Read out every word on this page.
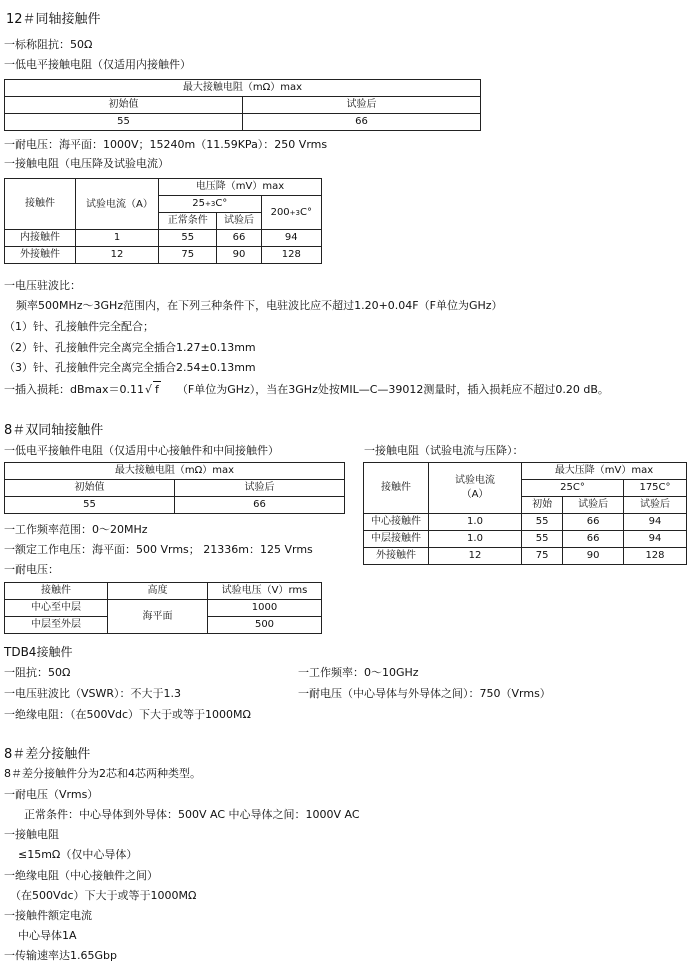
12＃同轴接触件
一标称阻抗：50Ω
一低电平接触电阻（仅适用内接触件）
最大接触电阻（mΩ）max	
初始值	试验后
55	66
一耐电压：海平面：1000V；15240m（11.59KPa）：250 Vrms
一接触电阻（电压降及试验电流）
接触件	试验电流（A）	电压降（mV）max		
		$25^{+3}C^\circ$		$200^{+3}C^\circ$
		正常条件	试验后	
内接触件	1	55	66	94
外接触件	12	75	90	128
一电压驻波比：
频率500MHz～3GHz范围内，在下列三种条件下，电驻波比应不超过1.20+0.04F（F单位为GHz）
（1）针、孔接触件完全配合；
（2）针、孔接触件完全离完全插合1.27±0.13mm
（3）针、孔接触件完全离完全插合2.54±0.13mm
一插入损耗：dBmax＝0.11√ f （F单位为GHz），当在3GHz处按MIL—C—39012测量时，插入损耗应不超过0.20 dB。
8＃双同轴接触件
一低电平接触件电阻（仅适用中心接触件和中间接触件）
最大接触电阻（mΩ）max	
初始值	试验后
55	66
一接触电阻（试验电流与压降）：
接触件	试验电流
（A）	最大压降（mV）max		
		25C°		175C°
		初始	试验后	试验后
中心接触件	1.0	55	66	94
中层接触件	1.0	55	66	94
外接触件	12	75	90	128
一工作频率范围：0～20MHz
一额定工作电压：海平面：500 Vrms； 21336m：125 Vrms
一耐电压：
接触件	高度	试验电压（V）rms
中心至中层	海平面	1000
中层至外层		500
TDB4接触件
一阻抗：50Ω	一工作频率：0～10GHz
一电压驻波比（VSWR）：不大于1.3	一耐电压（中心导体与外导体之间）：750（Vrms）
一绝缘电阻：（在500Vdc）下大于或等于1000MΩ
8＃差分接触件
8＃差分接触件分为2芯和4芯两种类型。
一耐电压（Vrms）
正常条件：中心导体到外导体：500V AC 中心导体之间：1000V AC
一接触电阻
≤15mΩ（仅中心导体）
一绝缘电阻（中心接触件之间）
（在500Vdc）下大于或等于1000MΩ
一接触件额定电流
中心导体1A
一传输速率达1.65Gbp
